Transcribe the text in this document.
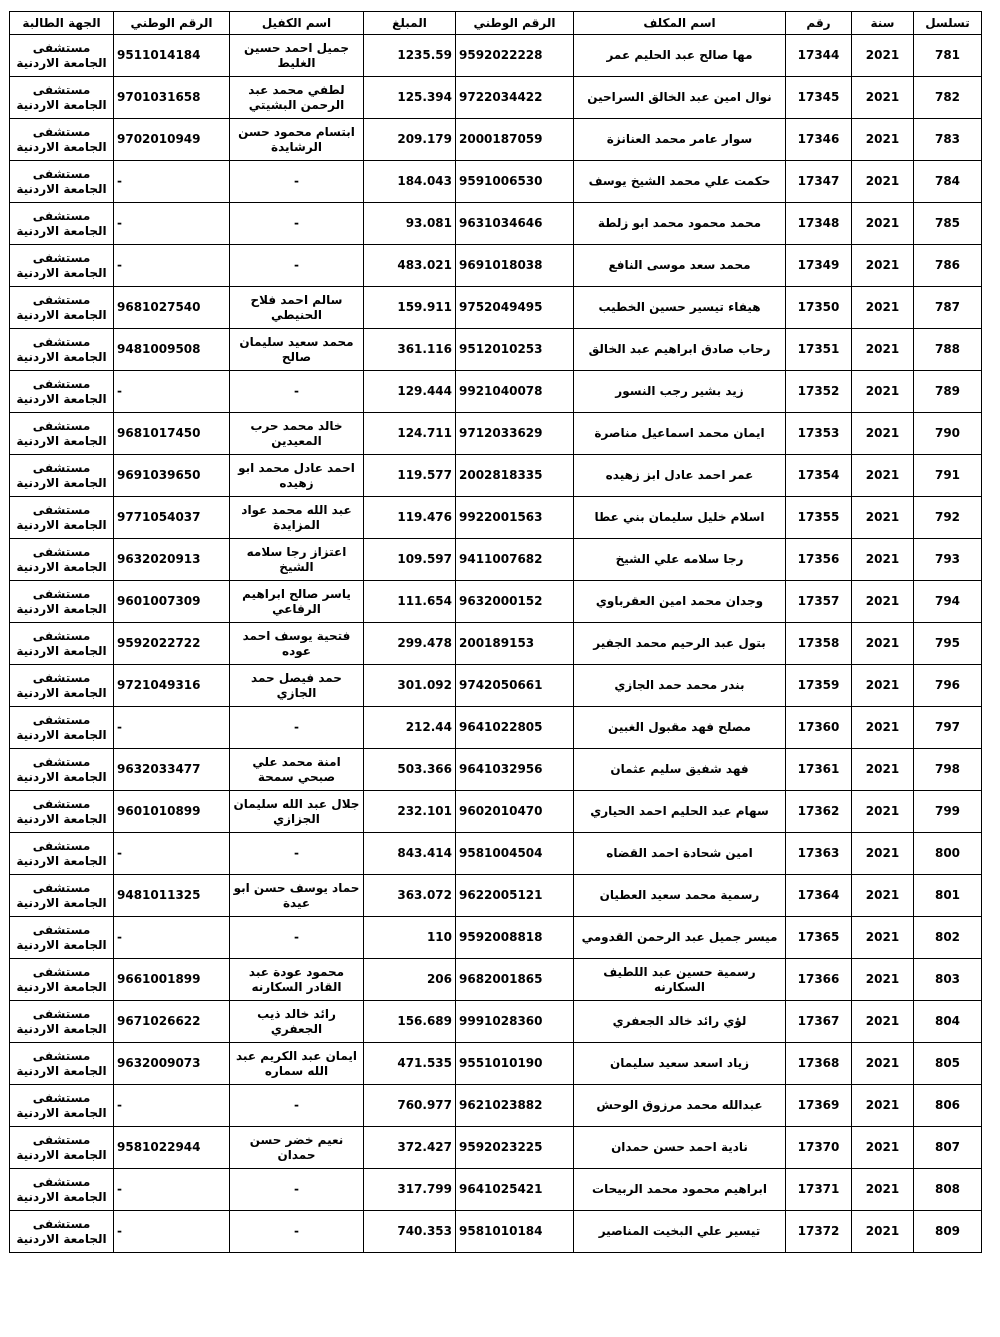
تسلسل	سنة	رقم	اسم المكلف	الرقم الوطني	المبلغ	اسم الكفيل	الرقم الوطني	الجهة الطالبة
781	2021	17344	مها صالح عبد الحليم عمر	9592022228	1235.59	جميل احمد حسين الغليط	9511014184	مستشفى الجامعة الاردنية
782	2021	17345	نوال امين عبد الخالق السراحين	9722034422	125.394	لطفي محمد عبد الرحمن البشيتي	9701031658	مستشفى الجامعة الاردنية
783	2021	17346	سوار عامر محمد العنانزة	2000187059	209.179	ابتسام محمود حسن الرشايدة	9702010949	مستشفى الجامعة الاردنية
784	2021	17347	حكمت علي محمد الشيخ يوسف	9591006530	184.043	-	-	مستشفى الجامعة الاردنية
785	2021	17348	محمد محمود محمد ابو زلطة	9631034646	93.081	-	-	مستشفى الجامعة الاردنية
786	2021	17349	محمد سعد موسى النافع	9691018038	483.021	-	-	مستشفى الجامعة الاردنية
787	2021	17350	هيفاء تيسير حسين الخطيب	9752049495	159.911	سالم احمد فلاح الحنيطي	9681027540	مستشفى الجامعة الاردنية
788	2021	17351	رحاب صادق ابراهيم عبد الخالق	9512010253	361.116	محمد سعيد سليمان صالح	9481009508	مستشفى الجامعة الاردنية
789	2021	17352	زيد بشير رجب النسور	9921040078	129.444	-	-	مستشفى الجامعة الاردنية
790	2021	17353	ايمان محمد اسماعيل مناصرة	9712033629	124.711	خالد محمد حرب المعيدين	9681017450	مستشفى الجامعة الاردنية
791	2021	17354	عمر احمد عادل ابز زهيده	2002818335	119.577	احمد عادل محمد ابو زهيده	9691039650	مستشفى الجامعة الاردنية
792	2021	17355	اسلام خليل سليمان بني عطا	9922001563	119.476	عبد الله محمد عواد المزايدة	9771054037	مستشفى الجامعة الاردنية
793	2021	17356	رجا سلامه علي الشيخ	9411007682	109.597	اعتزاز رجا سلامه الشيخ	9632020913	مستشفى الجامعة الاردنية
794	2021	17357	وجدان محمد امين العقرباوي	9632000152	111.654	ياسر صالح ابراهيم الرفاعي	9601007309	مستشفى الجامعة الاردنية
795	2021	17358	بتول عبد الرحيم محمد الجفير	200189153	299.478	فتحية يوسف احمد عوده	9592022722	مستشفى الجامعة الاردنية
796	2021	17359	بندر محمد حمد الجازي	9742050661	301.092	حمد فيصل حمد الجازي	9721049316	مستشفى الجامعة الاردنية
797	2021	17360	مصلح فهد مقبول الغبين	9641022805	212.44	-	-	مستشفى الجامعة الاردنية
798	2021	17361	فهد شفيق سليم عثمان	9641032956	503.366	امنة محمد علي صبحي سمحة	9632033477	مستشفى الجامعة الاردنية
799	2021	17362	سهام عبد الحليم احمد الحياري	9602010470	232.101	جلال عبد الله سليمان الجزازي	9601010899	مستشفى الجامعة الاردنية
800	2021	17363	امين شحادة احمد القضاه	9581004504	843.414	-	-	مستشفى الجامعة الاردنية
801	2021	17364	رسمية محمد سعيد العطيان	9622005121	363.072	حماد يوسف حسن ابو عيدة	9481011325	مستشفى الجامعة الاردنية
802	2021	17365	ميسر جميل عبد الرحمن القدومي	9592008818	110	-	-	مستشفى الجامعة الاردنية
803	2021	17366	رسمية حسين عبد اللطيف السكارنه	9682001865	206	محمود عودة عبد القادر السكارنه	9661001899	مستشفى الجامعة الاردنية
804	2021	17367	لؤي رائد خالد الجعفري	9991028360	156.689	رائد خالد ذيب الجعفري	9671026622	مستشفى الجامعة الاردنية
805	2021	17368	زياد اسعد سعيد سليمان	9551010190	471.535	ايمان عبد الكريم عبد الله سماره	9632009073	مستشفى الجامعة الاردنية
806	2021	17369	عبدالله محمد مرزوق الوحش	9621023882	760.977	-	-	مستشفى الجامعة الاردنية
807	2021	17370	نادية احمد حسن حمدان	9592023225	372.427	نعيم خضر حسن حمدان	9581022944	مستشفى الجامعة الاردنية
808	2021	17371	ابراهيم محمود محمد الربيحات	9641025421	317.799	-	-	مستشفى الجامعة الاردنية
809	2021	17372	تيسير علي البخيت المناصير	9581010184	740.353	-	-	مستشفى الجامعة الاردنية
